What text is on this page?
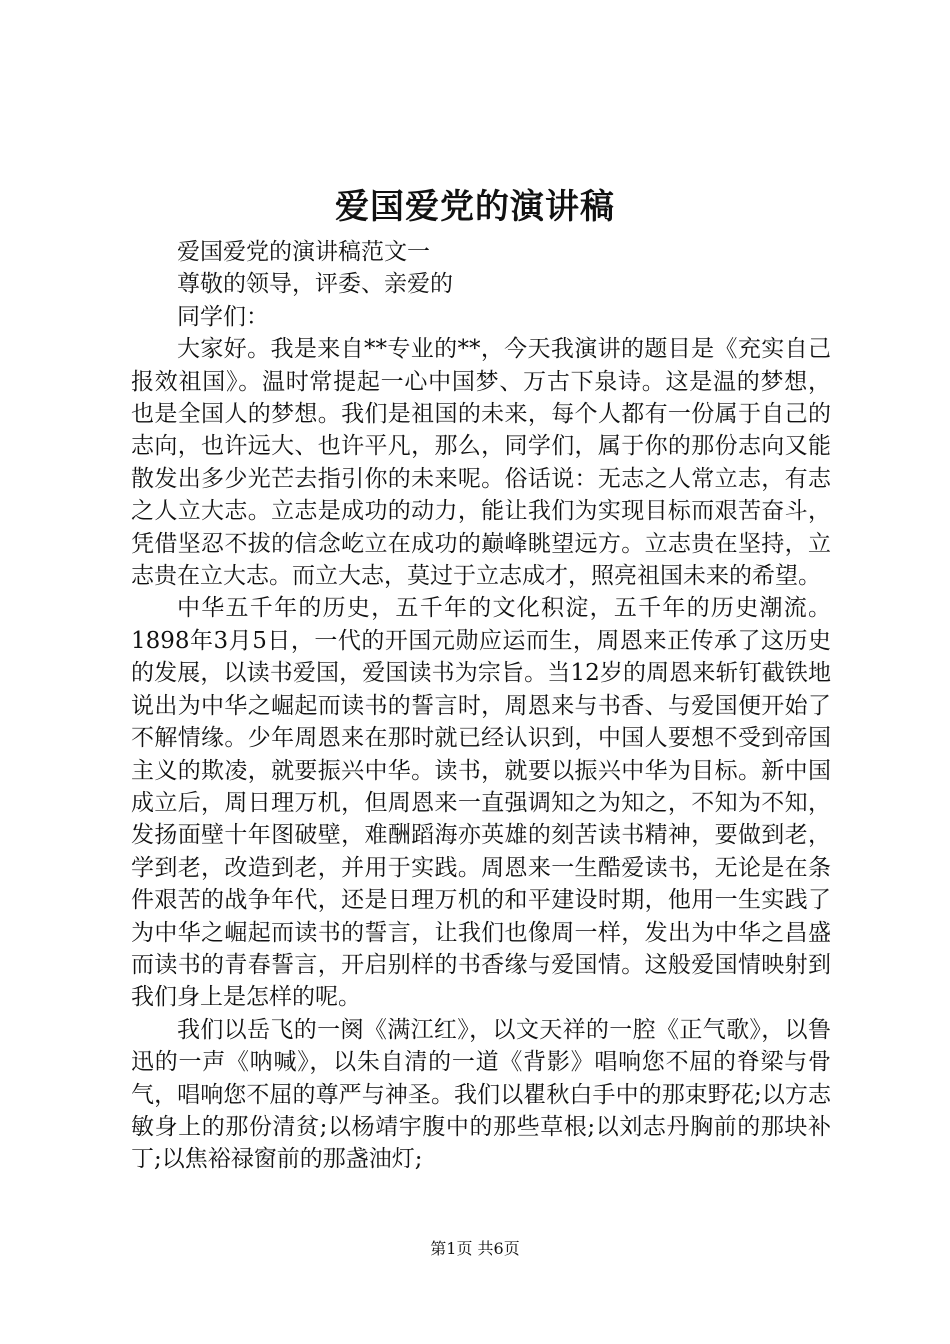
爱国爱党的演讲稿

爱国爱党的演讲稿范文一

尊敬的领导，评委、亲爱的

同学们：

大家好。我是来自**专业的**，今天我演讲的题目是《充实自己报效祖国》。温时常提起一心中国梦、万古下泉诗。这是温的梦想，也是全国人的梦想。我们是祖国的未来，每个人都有一份属于自己的志向，也许远大、也许平凡，那么，同学们，属于你的那份志向又能散发出多少光芒去指引你的未来呢。俗话说：无志之人常立志，有志之人立大志。立志是成功的动力，能让我们为实现目标而艰苦奋斗，凭借坚忍不拔的信念屹立在成功的巅峰眺望远方。立志贵在坚持，立志贵在立大志。而立大志，莫过于立志成才，照亮祖国未来的希望。

中华五千年的历史，五千年的文化积淀，五千年的历史潮流。1898年3月5日，一代的开国元勋应运而生，周恩来正传承了这历史的发展，以读书爱国，爱国读书为宗旨。当12岁的周恩来斩钉截铁地说出为中华之崛起而读书的誓言时，周恩来与书香、与爱国便开始了不解情缘。少年周恩来在那时就已经认识到，中国人要想不受到帝国主义的欺凌，就要振兴中华。读书，就要以振兴中华为目标。新中国成立后，周日理万机，但周恩来一直强调知之为知之，不知为不知，发扬面壁十年图破壁，难酬蹈海亦英雄的刻苦读书精神，要做到老，学到老，改造到老，并用于实践。周恩来一生酷爱读书，无论是在条件艰苦的战争年代，还是日理万机的和平建设时期，他用一生实践了为中华之崛起而读书的誓言，让我们也像周一样，发出为中华之昌盛而读书的青春誓言，开启别样的书香缘与爱国情。这般爱国情映射到我们身上是怎样的呢。

我们以岳飞的一阕《满江红》，以文天祥的一腔《正气歌》，以鲁迅的一声《呐喊》，以朱自清的一道《背影》唱响您不屈的脊梁与骨气，唱响您不屈的尊严与神圣。我们以瞿秋白手中的那束野花;以方志敏身上的那份清贫;以杨靖宇腹中的那些草根;以刘志丹胸前的那块补丁;以焦裕禄窗前的那盏油灯;

第1页 共6页
